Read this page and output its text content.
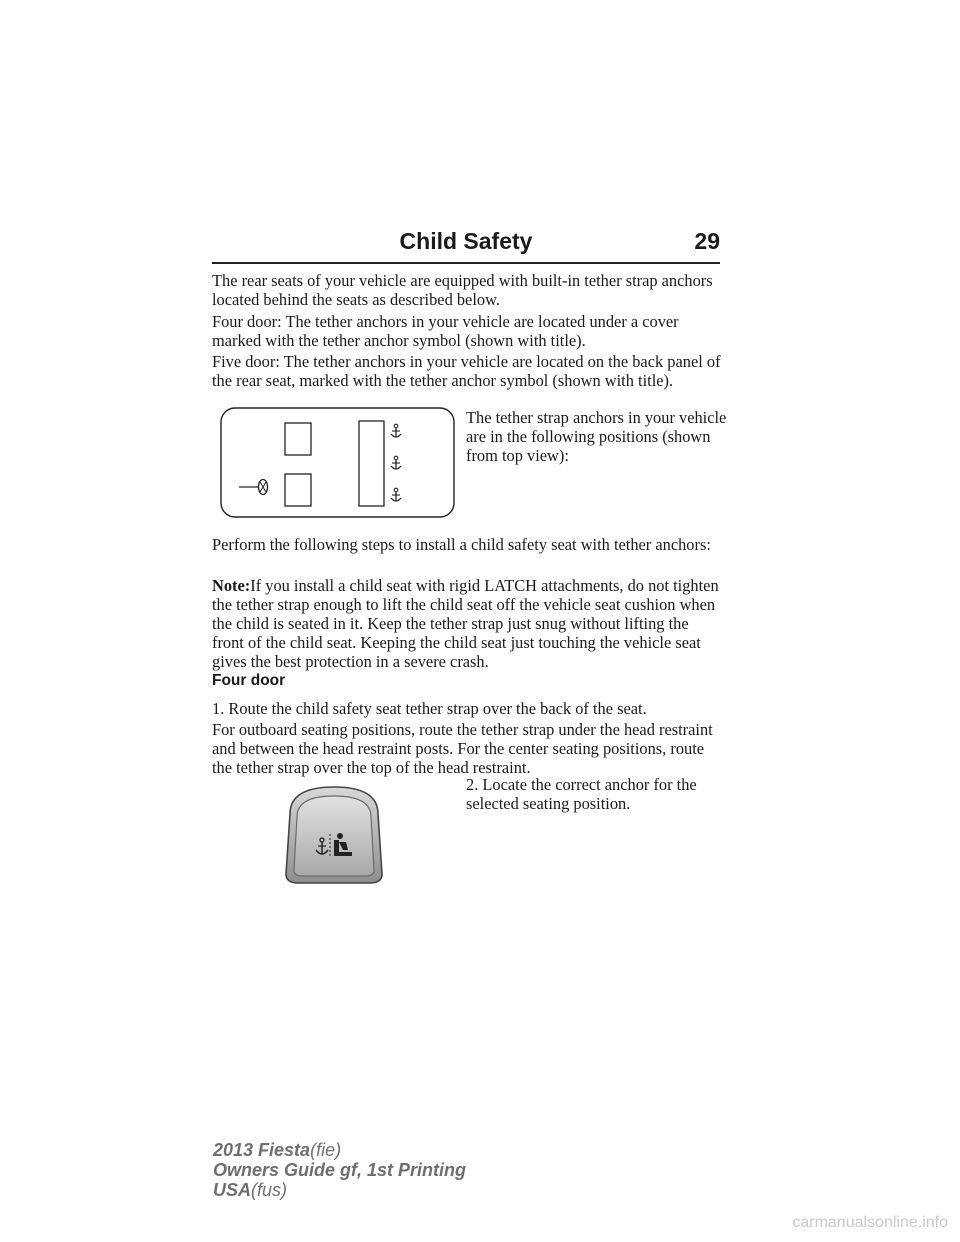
Child Safety	29

The rear seats of your vehicle are equipped with built-in tether strap anchors located behind the seats as described below.

Four door: The tether anchors in your vehicle are located under a cover marked with the tether anchor symbol (shown with title).

Five door: The tether anchors in your vehicle are located on the back panel of the rear seat, marked with the tether anchor symbol (shown with title).

The tether strap anchors in your vehicle are in the following positions (shown from top view):

Perform the following steps to install a child safety seat with tether anchors:

Note:If you install a child seat with rigid LATCH attachments, do not tighten the tether strap enough to lift the child seat off the vehicle seat cushion when the child is seated in it. Keep the tether strap just snug without lifting the front of the child seat. Keeping the child seat just touching the vehicle seat gives the best protection in a severe crash.

Four door

1. Route the child safety seat tether strap over the back of the seat.

For outboard seating positions, route the tether strap under the head restraint and between the head restraint posts. For the center seating positions, route the tether strap over the top of the head restraint.

2. Locate the correct anchor for the selected seating position.

2013 Fiesta(fie)
Owners Guide gf, 1st Printing
USA(fus)
carmanualsonline.info
